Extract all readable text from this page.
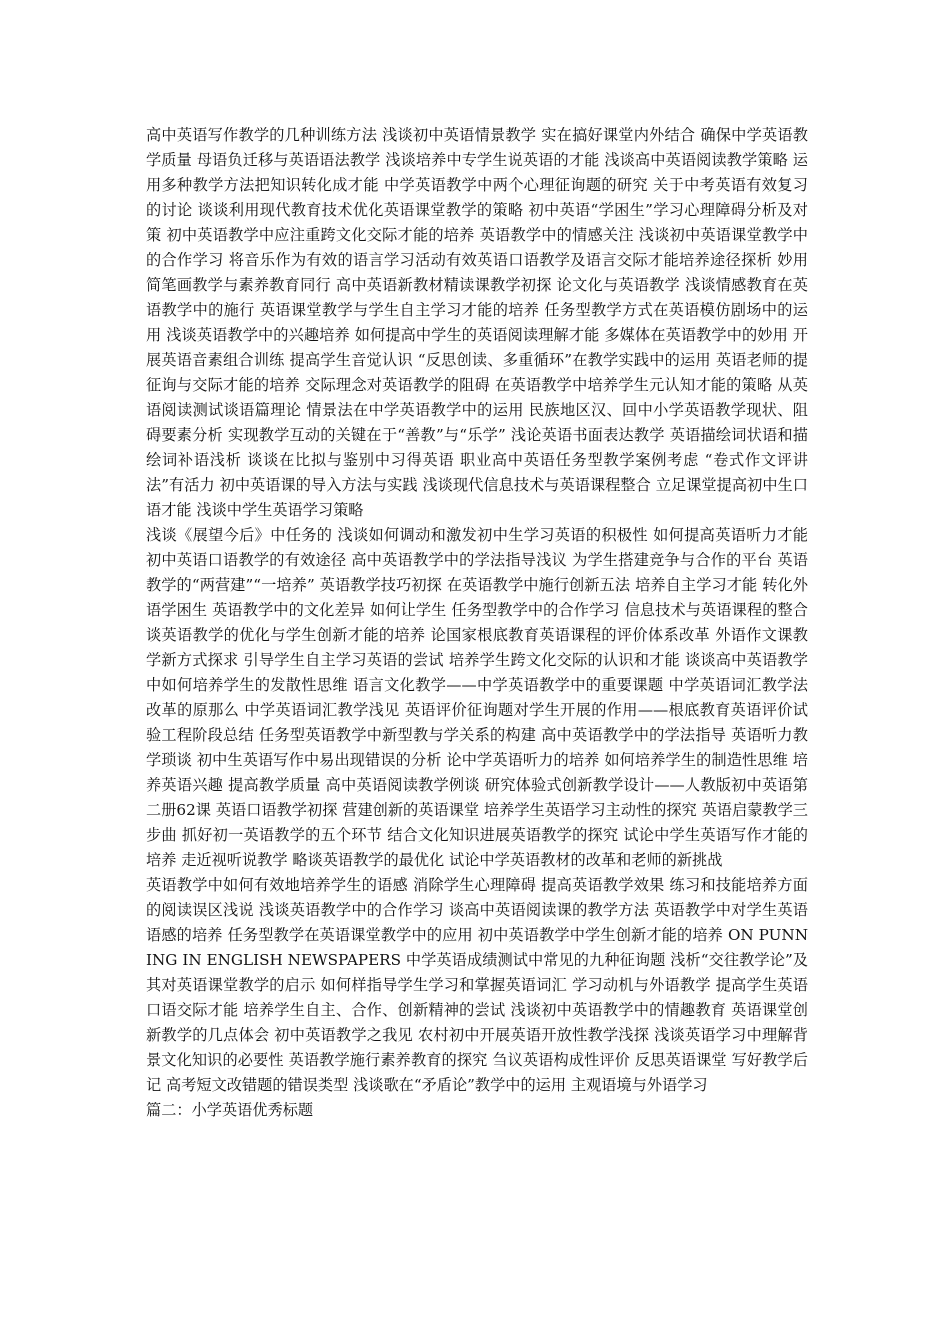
高中英语写作教学的几种训练方法 浅谈初中英语情景教学 实在搞好课堂内外结合 确保中学英语教学质量 母语负迁移与英语语法教学 浅谈培养中专学生说英语的才能 浅谈高中英语阅读教学策略 运用多种教学方法把知识转化成才能 中学英语教学中两个心理征询题的研究 关于中考英语有效复习的讨论 谈谈利用现代教育技术优化英语课堂教学的策略 初中英语“学困生”学习心理障碍分析及对策 初中英语教学中应注重跨文化交际才能的培养 英语教学中的情感关注 浅谈初中英语课堂教学中的合作学习 将音乐作为有效的语言学习活动有效英语口语教学及语言交际才能培养途径探析 妙用简笔画教学与素养教育同行 高中英语新教材精读课教学初探 论文化与英语教学 浅谈情感教育在英语教学中的施行 英语课堂教学与学生自主学习才能的培养 任务型教学方式在英语模仿剧场中的运用 浅谈英语教学中的兴趣培养 如何提高中学生的英语阅读理解才能 多媒体在英语教学中的妙用 开展英语音素组合训练 提高学生音觉认识 “反思创读、多重循环”在教学实践中的运用 英语老师的提征询与交际才能的培养 交际理念对英语教学的阻碍 在英语教学中培养学生元认知才能的策略 从英语阅读测试谈语篇理论 情景法在中学英语教学中的运用 民族地区汉、回中小学英语教学现状、阻碍要素分析 实现教学互动的关键在于“善教”与“乐学” 浅论英语书面表达教学 英语描绘词状语和描绘词补语浅析 谈谈在比拟与鉴别中习得英语 职业高中英语任务型教学案例考虑 “卷式作文评讲法”有活力 初中英语课的导入方法与实践 浅谈现代信息技术与英语课程整合 立足课堂提高初中生口语才能 浅谈中学生英语学习策略

浅谈《展望今后》中任务的 浅谈如何调动和激发初中生学习英语的积极性 如何提高英语听力才能 初中英语口语教学的有效途径 高中英语教学中的学法指导浅议 为学生搭建竞争与合作的平台 英语教学的“两营建”“一培养” 英语教学技巧初探 在英语教学中施行创新五法 培养自主学习才能 转化外语学困生 英语教学中的文化差异 如何让学生 任务型教学中的合作学习 信息技术与英语课程的整合 谈英语教学的优化与学生创新才能的培养 论国家根底教育英语课程的评价体系改革 外语作文课教学新方式探求 引导学生自主学习英语的尝试 培养学生跨文化交际的认识和才能 谈谈高中英语教学中如何培养学生的发散性思维 语言文化教学——中学英语教学中的重要课题 中学英语词汇教学法改革的原那么 中学英语词汇教学浅见 英语评价征询题对学生开展的作用——根底教育英语评价试验工程阶段总结 任务型英语教学中新型教与学关系的构建 高中英语教学中的学法指导 英语听力教学琐谈 初中生英语写作中易出现错误的分析 论中学英语听力的培养 如何培养学生的制造性思维 培养英语兴趣 提高教学质量 高中英语阅读教学例谈 研究体验式创新教学设计——人教版初中英语第二册62课 英语口语教学初探 营建创新的英语课堂 培养学生英语学习主动性的探究 英语启蒙教学三步曲 抓好初一英语教学的五个环节 结合文化知识进展英语教学的探究 试论中学生英语写作才能的培养 走近视听说教学 略谈英语教学的最优化 试论中学英语教材的改革和老师的新挑战

英语教学中如何有效地培养学生的语感 消除学生心理障碍 提高英语教学效果 练习和技能培养方面的阅读误区浅说 浅谈英语教学中的合作学习 谈高中英语阅读课的教学方法 英语教学中对学生英语语感的培养 任务型教学在英语课堂教学中的应用 初中英语教学中学生创新才能的培养 ON PUNNING IN ENGLISH NEWSPAPERS 中学英语成绩测试中常见的九种征询题 浅析“交往教学论”及其对英语课堂教学的启示 如何样指导学生学习和掌握英语词汇 学习动机与外语教学 提高学生英语口语交际才能 培养学生自主、合作、创新精神的尝试 浅谈初中英语教学中的情趣教育 英语课堂创新教学的几点体会 初中英语教学之我见 农村初中开展英语开放性教学浅探 浅谈英语学习中理解背景文化知识的必要性 英语教学施行素养教育的探究 刍议英语构成性评价 反思英语课堂 写好教学后记 高考短文改错题的错误类型 浅谈歌在“矛盾论”教学中的运用 主观语境与外语学习

篇二：小学英语优秀标题
